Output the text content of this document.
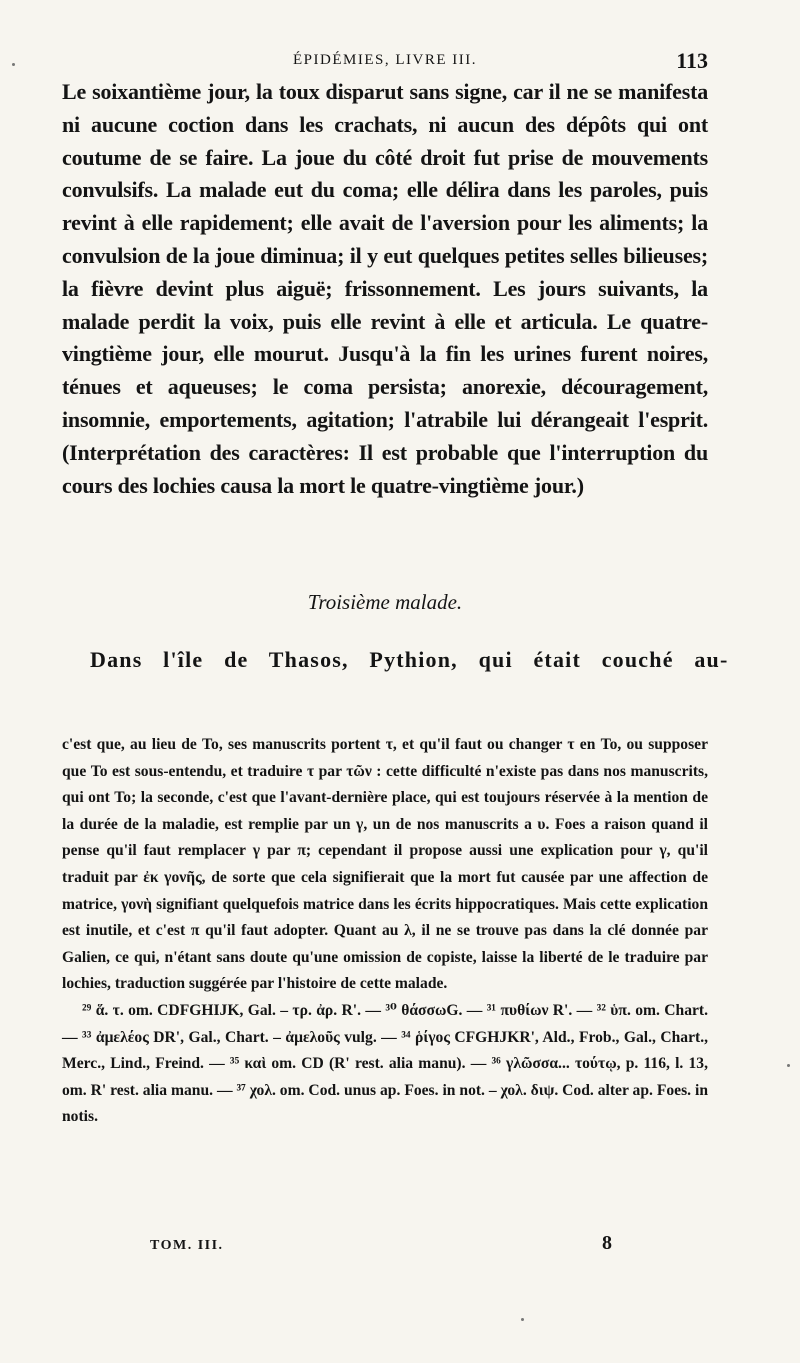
ÉPIDÉMIES, LIVRE III.	113

Le soixantième jour, la toux disparut sans signe, car il ne se manifesta ni aucune coction dans les crachats, ni aucun des dépôts qui ont coutume de se faire. La joue du côté droit fut prise de mouvements convulsifs. La malade eut du coma; elle délira dans les paroles, puis revint à elle rapidement; elle avait de l'aversion pour les aliments; la convulsion de la joue diminua; il y eut quelques petites selles bilieuses; la fièvre devint plus aiguë; frissonnement. Les jours suivants, la malade perdit la voix, puis elle revint à elle et articula. Le quatre-vingtième jour, elle mourut. Jusqu'à la fin les urines furent noires, ténues et aqueuses; le coma persista; anorexie, découragement, insomnie, emportements, agitation; l'atrabile lui dérangeait l'esprit. (Interprétation des caractères: Il est probable que l'interruption du cours des lochies causa la mort le quatre-vingtième jour.)

Troisième malade.
Dans l'île de Thasos, Pythion, qui était couché au-

c'est que, au lieu de Το, ses manuscrits portent τ, et qu'il faut ou changer τ en Το, ou supposer que Το est sous-entendu, et traduire τ par τῶν : cette difficulté n'existe pas dans nos manuscrits, qui ont Το; la seconde, c'est que l'avant-dernière place, qui est toujours réservée à la mention de la durée de la maladie, est remplie par un γ, un de nos manuscrits a υ. Foes a raison quand il pense qu'il faut remplacer γ par π; cependant il propose aussi une explication pour γ, qu'il traduit par ἐκ γονῆς, de sorte que cela signifierait que la mort fut causée par une affection de matrice, γονὴ signifiant quelquefois matrice dans les écrits hippocratiques. Mais cette explication est inutile, et c'est π qu'il faut adopter. Quant au λ, il ne se trouve pas dans la clé donnée par Galien, ce qui, n'étant sans doute qu'une omission de copiste, laisse la liberté de le traduire par lochies, traduction suggérée par l'histoire de cette malade.

²⁹ ἅ. τ. om. CDFGHIJK, Gal. – τρ. ἀρ. R'. — ³⁰ θάσσωG. — ³¹ πυθίων R'. — ³² ὑπ. om. Chart. — ³³ ἀμελέος DR', Gal., Chart. – ἀμελοῦς vulg. — ³⁴ ῥίγος CFGHJKR', Ald., Frob., Gal., Chart., Merc., Lind., Freind. — ³⁵ καὶ om. CD (R' rest. alia manu). — ³⁶ γλῶσσα... τούτῳ, p. 116, l. 13, om. R' rest. alia manu. — ³⁷ χολ. om. Cod. unus ap. Foes. in not. – χολ. διψ. Cod. alter ap. Foes. in notis.

TOM. III.	8
